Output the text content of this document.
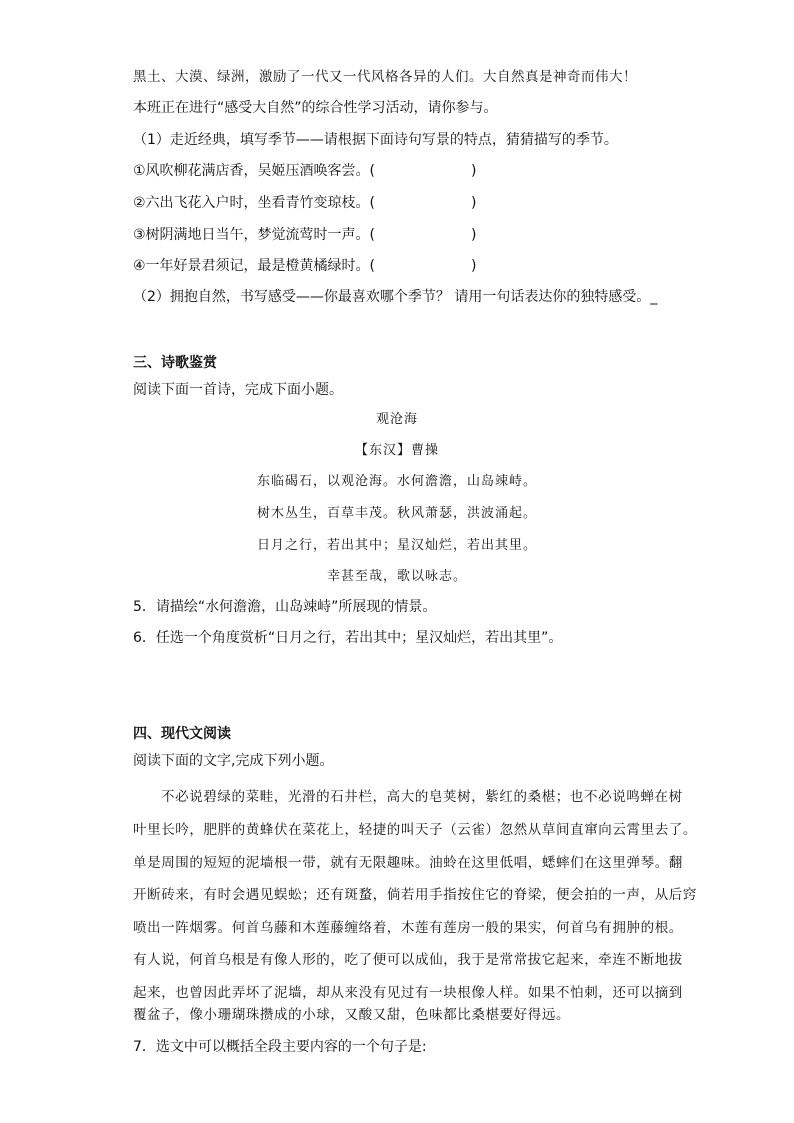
黑土、大漠、绿洲，激励了一代又一代风格各异的人们。大自然真是神奇而伟大！
本班正在进行“感受大自然”的综合性学习活动，请你参与。
（1）走近经典，填写季节——请根据下面诗句写景的特点，猜猜描写的季节。
①风吹柳花满店香，吴姬压酒唤客尝。(	)
②六出飞花入户时，坐看青竹变琼枝。(	)
③树阴满地日当午，梦觉流莺时一声。(	)
④一年好景君须记，最是橙黄橘绿时。(	)
（2）拥抱自然，书写感受——你最喜欢哪个季节？ 请用一句话表达你的独特感受。_
三、诗歌鉴赏
阅读下面一首诗，完成下面小题。
观沧海
【东汉】曹操
东临碣石，以观沧海。水何澹澹，山岛竦峙。
树木丛生，百草丰茂。秋风萧瑟，洪波涌起。
日月之行，若出其中；星汉灿烂，若出其里。
幸甚至哉，歌以咏志。
5．请描绘“水何澹澹，山岛竦峙”所展现的情景。
6．任选一个角度赏析“日月之行，若出其中；星汉灿烂，若出其里”。
四、现代文阅读
阅读下面的文字,完成下列小题。
不必说碧绿的菜畦，光滑的石井栏，高大的皂荚树，紫红的桑椹；也不必说鸣蝉在树
叶里长吟，肥胖的黄蜂伏在菜花上，轻捷的叫天子（云雀）忽然从草间直窜向云霄里去了。
单是周围的短短的泥墙根一带，就有无限趣味。油蛉在这里低唱，蟋蟀们在这里弹琴。翻
开断砖来，有时会遇见蜈蚣；还有斑蝥，倘若用手指按住它的脊梁，便会拍的一声，从后窍
喷出一阵烟雾。何首乌藤和木莲藤缠络着，木莲有莲房一般的果实，何首乌有拥肿的根。
有人说，何首乌根是有像人形的，吃了便可以成仙，我于是常常拔它起来，牵连不断地拔
起来，也曾因此弄坏了泥墙，却从来没有见过有一块根像人样。如果不怕刺，还可以摘到
覆盆子，像小珊瑚珠攒成的小球，又酸又甜，色味都比桑椹要好得远。
7．选文中可以概括全段主要内容的一个句子是:
